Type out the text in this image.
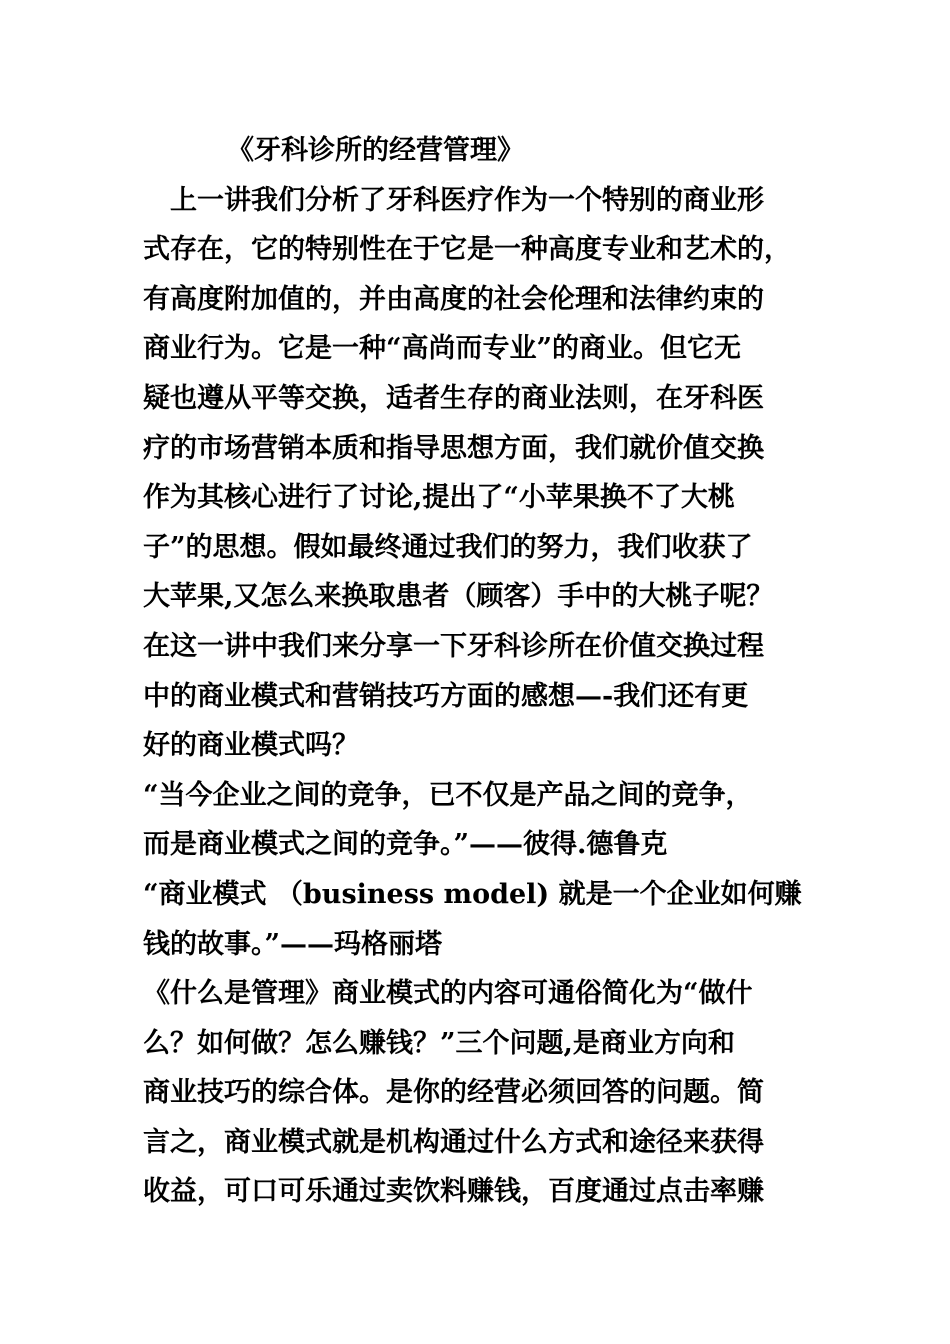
《牙科诊所的经营管理》
上一讲我们分析了牙科医疗作为一个特别的商业形
式存在，它的特别性在于它是一种高度专业和艺术的，
有高度附加值的，并由高度的社会伦理和法律约束的
商业行为。它是一种“高尚而专业”的商业。但它无
疑也遵从平等交换，适者生存的商业法则，在牙科医
疗的市场营销本质和指导思想方面，我们就价值交换
作为其核心进行了讨论,提出了“小苹果换不了大桃
子”的思想。假如最终通过我们的努力，我们收获了
大苹果,又怎么来换取患者（顾客）手中的大桃子呢？
在这一讲中我们来分享一下牙科诊所在价值交换过程
中的商业模式和营销技巧方面的感想—-我们还有更
好的商业模式吗？
“当今企业之间的竞争，已不仅是产品之间的竞争，
而是商业模式之间的竞争。”——彼得.德鲁克
“商业模式 （business model) 就是一个企业如何赚
钱的故事。”——玛格丽塔
《什么是管理》商业模式的内容可通俗简化为“做什
么？如何做？怎么赚钱？”三个问题,是商业方向和
商业技巧的综合体。是你的经营必须回答的问题。简
言之，商业模式就是机构通过什么方式和途径来获得
收益，可口可乐通过卖饮料赚钱，百度通过点击率赚
